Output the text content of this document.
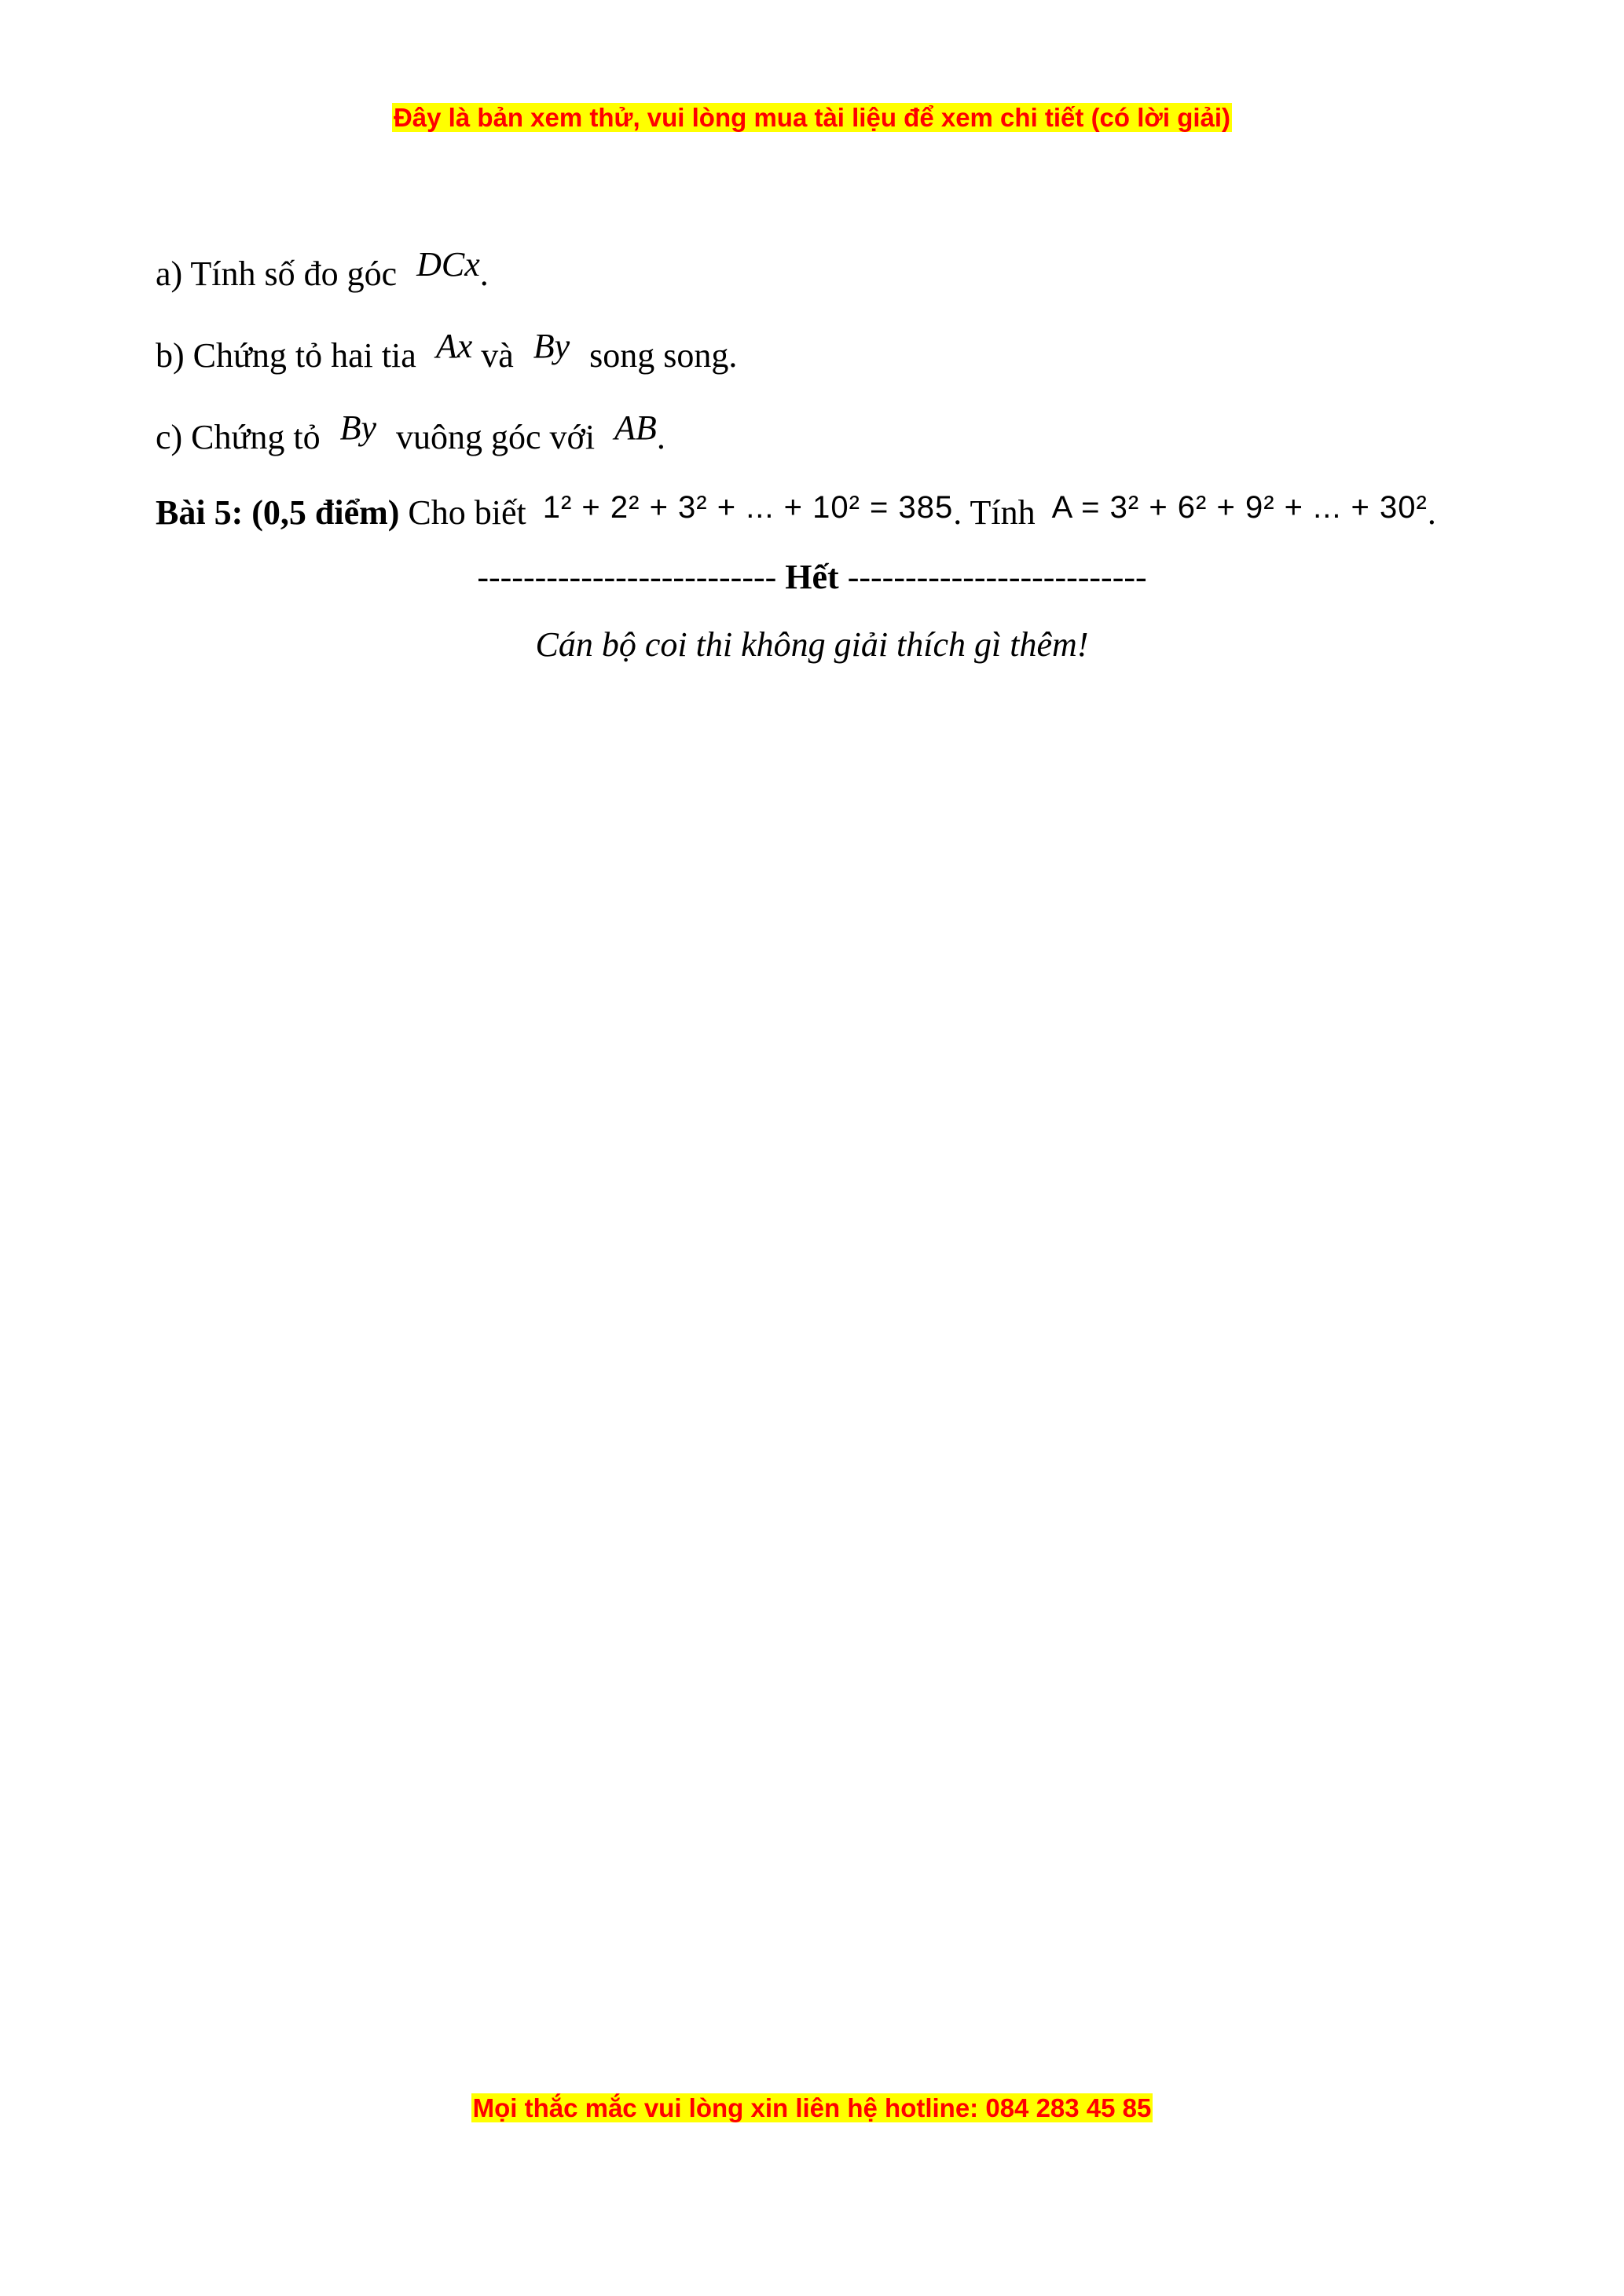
Đây là bản xem thử, vui lòng mua tài liệu để xem chi tiết (có lời giải)
a) Tính số đo góc DCx.
b) Chứng tỏ hai tia Ax và By song song.
c) Chứng tỏ By vuông góc với AB.
Bài 5: (0,5 điểm) Cho biết 1² + 2² + 3² + ... + 10² = 385. Tính A = 3² + 6² + 9² + ... + 30².
-------------------------- Hết --------------------------
Cán bộ coi thi không giải thích gì thêm!
Mọi thắc mắc vui lòng xin liên hệ hotline: 084 283 45 85
